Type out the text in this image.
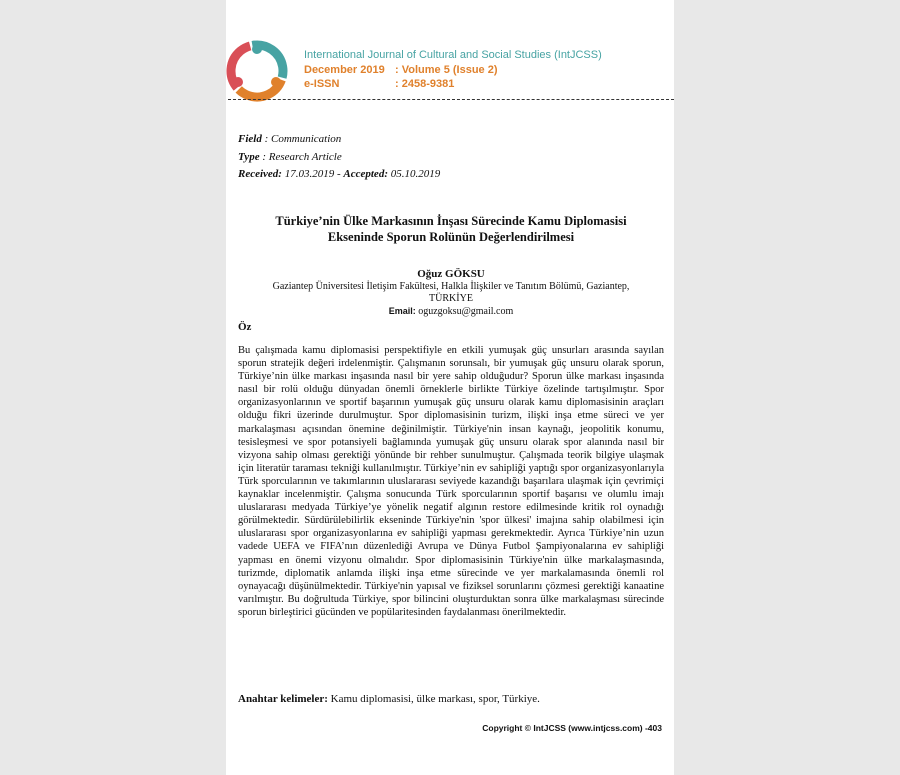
International Journal of Cultural and Social Studies (IntJCSS)
December 2019 : Volume 5 (Issue 2)
e-ISSN	: 2458-9381
Field : Communication
Type : Research Article
Received: 17.03.2019 - Accepted: 05.10.2019
Türkiye’nin Ülke Markasının İnşası Sürecinde Kamu Diplomasisi
Ekseninde Sporun Rolünün Değerlendirilmesi
Oğuz GÖKSU
Gaziantep Üniversitesi İletişim Fakültesi, Halkla İlişkiler ve Tanıtım Bölümü, Gaziantep,
TÜRKİYE
Email: oguzgoksu@gmail.com
Öz

Bu çalışmada kamu diplomasisi perspektifiyle en etkili yumuşak güç unsurları arasında sayılan sporun stratejik değeri irdelenmiştir. Çalışmanın sorunsalı, bir yumuşak güç unsuru olarak sporun, Türkiye’nin ülke markası inşasında nasıl bir yere sahip olduğudur? Sporun ülke markası inşasında nasıl bir rolü olduğu dünyadan önemli örneklerle birlikte Türkiye özelinde tartışılmıştır. Spor organizasyonlarının ve sportif başarının yumuşak güç unsuru olarak kamu diplomasisinin araçları olduğu fikri üzerinde durulmuştur. Spor diplomasisinin turizm, ilişki inşa etme süreci ve yer markalaşması açısından önemine değinilmiştir. Türkiye'nin insan kaynağı, jeopolitik konumu, tesisleşmesi ve spor potansiyeli bağlamında yumuşak güç unsuru olarak spor alanında nasıl bir vizyona sahip olması gerektiği yönünde bir rehber sunulmuştur. Çalışmada teorik bilgiye ulaşmak için literatür taraması tekniği kullanılmıştır. Türkiye’nin ev sahipliği yaptığı spor organizasyonlarıyla Türk sporcularının ve takımlarının uluslararası seviyede kazandığı başarılara ulaşmak için çevrimiçi kaynaklar incelenmiştir. Çalışma sonucunda Türk sporcularının sportif başarısı ve olumlu imajı uluslararası medyada Türkiye’ye yönelik negatif algının restore edilmesinde kritik rol oynadığı görülmektedir. Sürdürülebilirlik ekseninde Türkiye'nin 'spor ülkesi' imajına sahip olabilmesi için uluslararası spor organizasyonlarına ev sahipliği yapması gerekmektedir. Ayrıca Türkiye’nin uzun vadede UEFA ve FIFA’nın düzenlediği Avrupa ve Dünya Futbol Şampiyonalarına ev sahipliği yapması en önemi vizyonu olmalıdır. Spor diplomasisinin Türkiye'nin ülke markalaşmasında, turizmde, diplomatik anlamda ilişki inşa etme sürecinde ve yer markalamasında önemli rol oynayacağı düşünülmektedir. Türkiye'nin yapısal ve fiziksel sorunlarını çözmesi gerektiği kanaatine varılmıştır. Bu doğrultuda Türkiye, spor bilincini oluşturduktan sonra ülke markalaşması sürecinde sporun birleştirici gücünden ve popülaritesinden faydalanması önerilmektedir.

Anahtar kelimeler: Kamu diplomasisi, ülke markası, spor, Türkiye.
Copyright © IntJCSS (www.intjcss.com) -403
